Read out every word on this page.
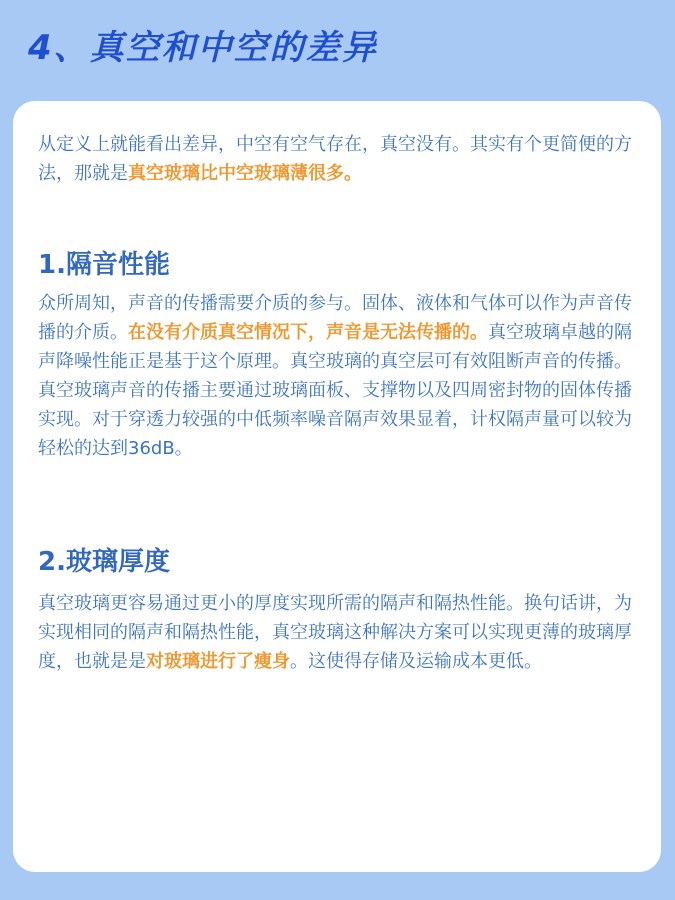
4、真空和中空的差异
从定义上就能看出差异，中空有空气存在，真空没有。其实有个更简便的方法，那就是真空玻璃比中空玻璃薄很多。
1.隔音性能
众所周知，声音的传播需要介质的参与。固体、液体和气体可以作为声音传播的介质。在没有介质真空情况下，声音是无法传播的。真空玻璃卓越的隔声降噪性能正是基于这个原理。真空玻璃的真空层可有效阻断声音的传播。真空玻璃声音的传播主要通过玻璃面板、支撑物以及四周密封物的固体传播实现。对于穿透力较强的中低频率噪音隔声效果显着，计权隔声量可以较为轻松的达到36dB。
2.玻璃厚度
真空玻璃更容易通过更小的厚度实现所需的隔声和隔热性能。换句话讲，为实现相同的隔声和隔热性能，真空玻璃这种解决方案可以实现更薄的玻璃厚度，也就是是对玻璃进行了瘦身。这使得存储及运输成本更低。
